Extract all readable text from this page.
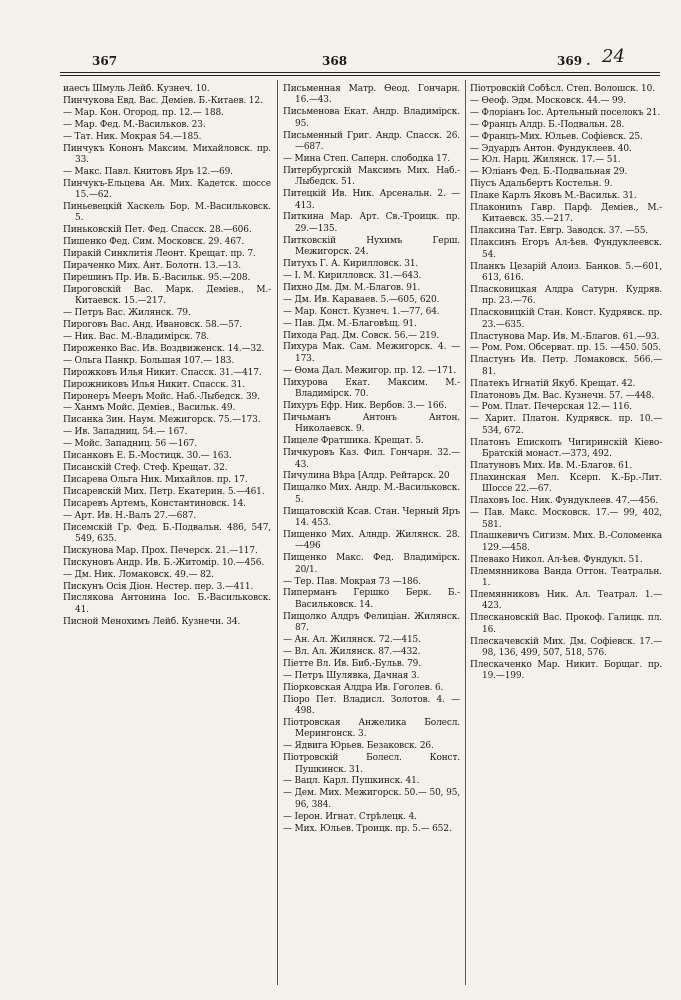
367	368	369 . 24
иаесъ Шмуль Лейб. Кузнеч. 10.
Пинчукова Евд. Вас. Деміев. Б.-Китаев. 12.
— Мар. Кон. Огород. пр. 12.— 188.
— Мар. Фед. М.-Васильков. 23.
— Тат. Ник. Мокрая 54.—185.
Пинчукъ Кононъ Максим. Михайловск. пр. 33.
— Макс. Павл. Книтовъ Яръ 12.—69.
Пинчукъ-Ельцева Ан. Мих. Кадетск. шоссе 15.—62.
Пиньевецкій Хаскель Бор. М.-Васильковск. 5.
Пиньковскій Пет. Фед. Спасск. 28.—606.
Пишенко Фед. Сим. Московск. 29. 467.
Пиракій Синклитія Леонт. Крещат. пр. 7.
Пираченко Мих. Ант. Болотн. 13.—13.
Пирешинъ Пр. Ив. Б.-Васильк. 95.—208.
Пироговскій Вас. Марк. Деміев., М.-Китаевск. 15.—217.
— Петръ Вас. Жилянск. 79.
Пироговъ Вас. Анд. Ивановск. 58.—57.
— Ник. Вас. М.-Владимірск. 78.
Пироженко Вас. Ив. Воздвиженск. 14.—32.
— Ольга Панкр. Большая 107.— 183.
Пирожковъ Илья Никит. Спасск. 31.—417.
Пирожниковъ Илья Никит. Спасск. 31.
Пиронеръ Мееръ Мойс. Наб.-Лыбедск. 39.
— Ханмъ Мойс. Деміев., Васильк. 49.
Писанка Зин. Наум. Межигорск. 75.—173.
— Ив. Западниц. 54.— 167.
— Мойс. Западниц. 56 —167.
Писанковъ Е. Б.-Мостицк. 30.— 163.
Писанскій Стеф. Стеф. Крещат. 32.
Писарева Ольга Ник. Михайлов. пр. 17.
Писаревскій Мих. Петр. Екатерин. 5.—461.
Писаревъ Артемъ, Константиновск. 14.
— Арт. Ив. Н.-Валъ 27.—687.
Писемскій Гр. Фед. Б.-Подвальн. 486, 547, 549, 635.
Пискунова Мар. Прох. Печерск. 21.—117.
Пискуновъ Андр. Ив. Б.-Житомір. 10.—456.
— Дм. Ник. Ломаковск. 49.— 82.
Пискунъ Осія Діон. Нестер. пер. 3.—411.
Пислякова Антонина Іос. Б.-Васильковск. 41.
Писной Менохимъ Лейб. Кузнечн. 34.
Письменная Матр. Ѳеод. Гончарн. 16.—43.
Письменова Екат. Андр. Владимірск. 95.
Письменный Григ. Андр. Спасск. 26.—687.
— Мина Степ. Саперн. слободка 17.
Питербургскій Максимъ Мих. Наб.-Лыбедск. 51.
Питецкій Ив. Ник. Арсенальн. 2. —413.
Питкина Мар. Арт. Св.-Троицк. пр. 29.—135.
Питковскій Нухимъ Герш. Межигорск. 24.
Питухъ Г. А. Кирилловск. 31.
— І. М. Кирилловск. 31.—643.
Пихно Дм. Дм. М.-Благов. 91.
— Дм. Ив. Караваев. 5.—605, 620.
— Мар. Конст. Кузнеч. 1.—77, 64.
— Пав. Дм. М.-Благовѣщ. 91.
Пихода Рад. Дм. Совск. 56.— 219.
Пихура Мак. Сам. Межигорск. 4. —173.
— Ѳома Дал. Межигор. пр. 12. —171.
Пихурова Екат. Максим. М.-Владимірск. 70.
Пихуръ Ефр. Ник. Вербов. 3.— 166.
Пичьманъ Антонъ Антон. Николаевск. 9.
Пицеле Фратшика. Крещат. 5.
Пичкуровъ Каз. Фил. Гончарн. 32.—43.
Пичулина Вѣра [Алдр. Рейтарск. 20
Пищалко Мих. Андр. М.-Васильковск. 5.
Пищатовскій Ксав. Стан. Черный Яръ 14. 453.
Пищенко Мих. Алндр. Жилянск. 28.—496
Пищенко Макс. Фед. Владимірск. 20/1.
— Тер. Пав. Мокрая 73 —186.
Пиперманъ Гершко Берк. Б.-Васильковск. 14.
Пищолко Алдръ Фелиціан. Жилянск. 87.
— Ан. Ал. Жилянск. 72.—415.
— Вл. Ал. Жилянск. 87.—432.
Піетте Вл. Ив. Биб.-Бульв. 79.
— Петръ Шулявка, Дачная 3.
Піорковская Алдра Ив. Гоголев. 6.
Піоро Пет. Владисл. Золотов. 4. —498.
Піотровская Анжелика Болесл. Мерингонск. 3.
— Ядвига Юрьев. Безаковск. 26.
Піотровскій Болесл. Конст. Пушкинск. 31.
— Вацл. Карл. Пушкинск. 41.
— Дем. Мих. Межигорск. 50.— 50, 95, 96, 384.
— Іерон. Игнат. Стрѣлецк. 4.
— Мих. Юльев. Троицк. пр. 5.— 652.
Піотровскій Собѣсл. Степ. Волошск. 10.
— Ѳеоф. Эдм. Московск. 44.— 99.
— Флоріанъ Іос. Артельный поселокъ 21.
— Францъ Алдр. Б.-Подвальн. 28.
— Францъ-Мих. Юльев. Софіевск. 25.
— Эдуардъ Антон. Фундуклеев. 40.
— Юл. Нарц. Жилянск. 17.— 51.
— Юліанъ Фед. Б.-Подвальная 29.
Піусъ Адальбертъ Костельн. 9.
Плаке Карлъ Яковъ М.-Васильк. 31.
Плакониnъ Гавр. Парф. Деміев., М.-Китаевск. 35.—217.
Плаксина Тат. Евгр. Заводск. 37. —55.
Плаксинъ Егоръ Ал-ѣев. Фундуклеевск. 54.
Планкъ Цезарій Алоиз. Банков. 5.—601, 613, 616.
Пласковицкая Алдра Сатурн. Кудряв. пр. 23.—76.
Пласковицкій Стан. Конст. Кудрявск. пр. 23.—635.
Пластунова Мар. Ив. М.-Благов. 61.—93.
— Ром. Ром. Обсерват. пр. 15. —450. 505.
Пластунъ Ив. Петр. Ломаковск. 566.—81.
Платекъ Игнатій Якуб. Крещат. 42.
Платоновъ Дм. Вас. Кузнечн. 57. —448.
— Ром. Плат. Печерская 12.— 116.
— Харит. Платон. Кудрявск. пр. 10.—534, 672.
Платонъ Епископъ Чигиринскій Кіево-Братскій монаст.—373, 492.
Платуновъ Мих. Ив. М.-Благов. 61.
Плахинская Мел. Ксерп. К.-Бр.-Лит. Шоссе 22.—67.
Плаховъ Іос. Ник. Фундуклеев. 47.—456.
— Пав. Макс. Московск. 17.— 99, 402, 581.
Плашкевичъ Сигизм. Мих. В.-Соломенка 129.—458.
Плевако Никол. Ал-ѣев. Фундукл. 51.
Племянникова Ванда Оттон. Театральн. 1.
Племянниковъ Ник. Ал. Театрал. 1.—423.
Плескановскій Вас. Прокоф. Галицк. пл. 16.
Плескачевскій Мих. Дм. Софіевск. 17.—98, 136, 499, 507, 518, 576.
Плескаченко Мар. Никит. Борщаг. пр. 19.—199.
